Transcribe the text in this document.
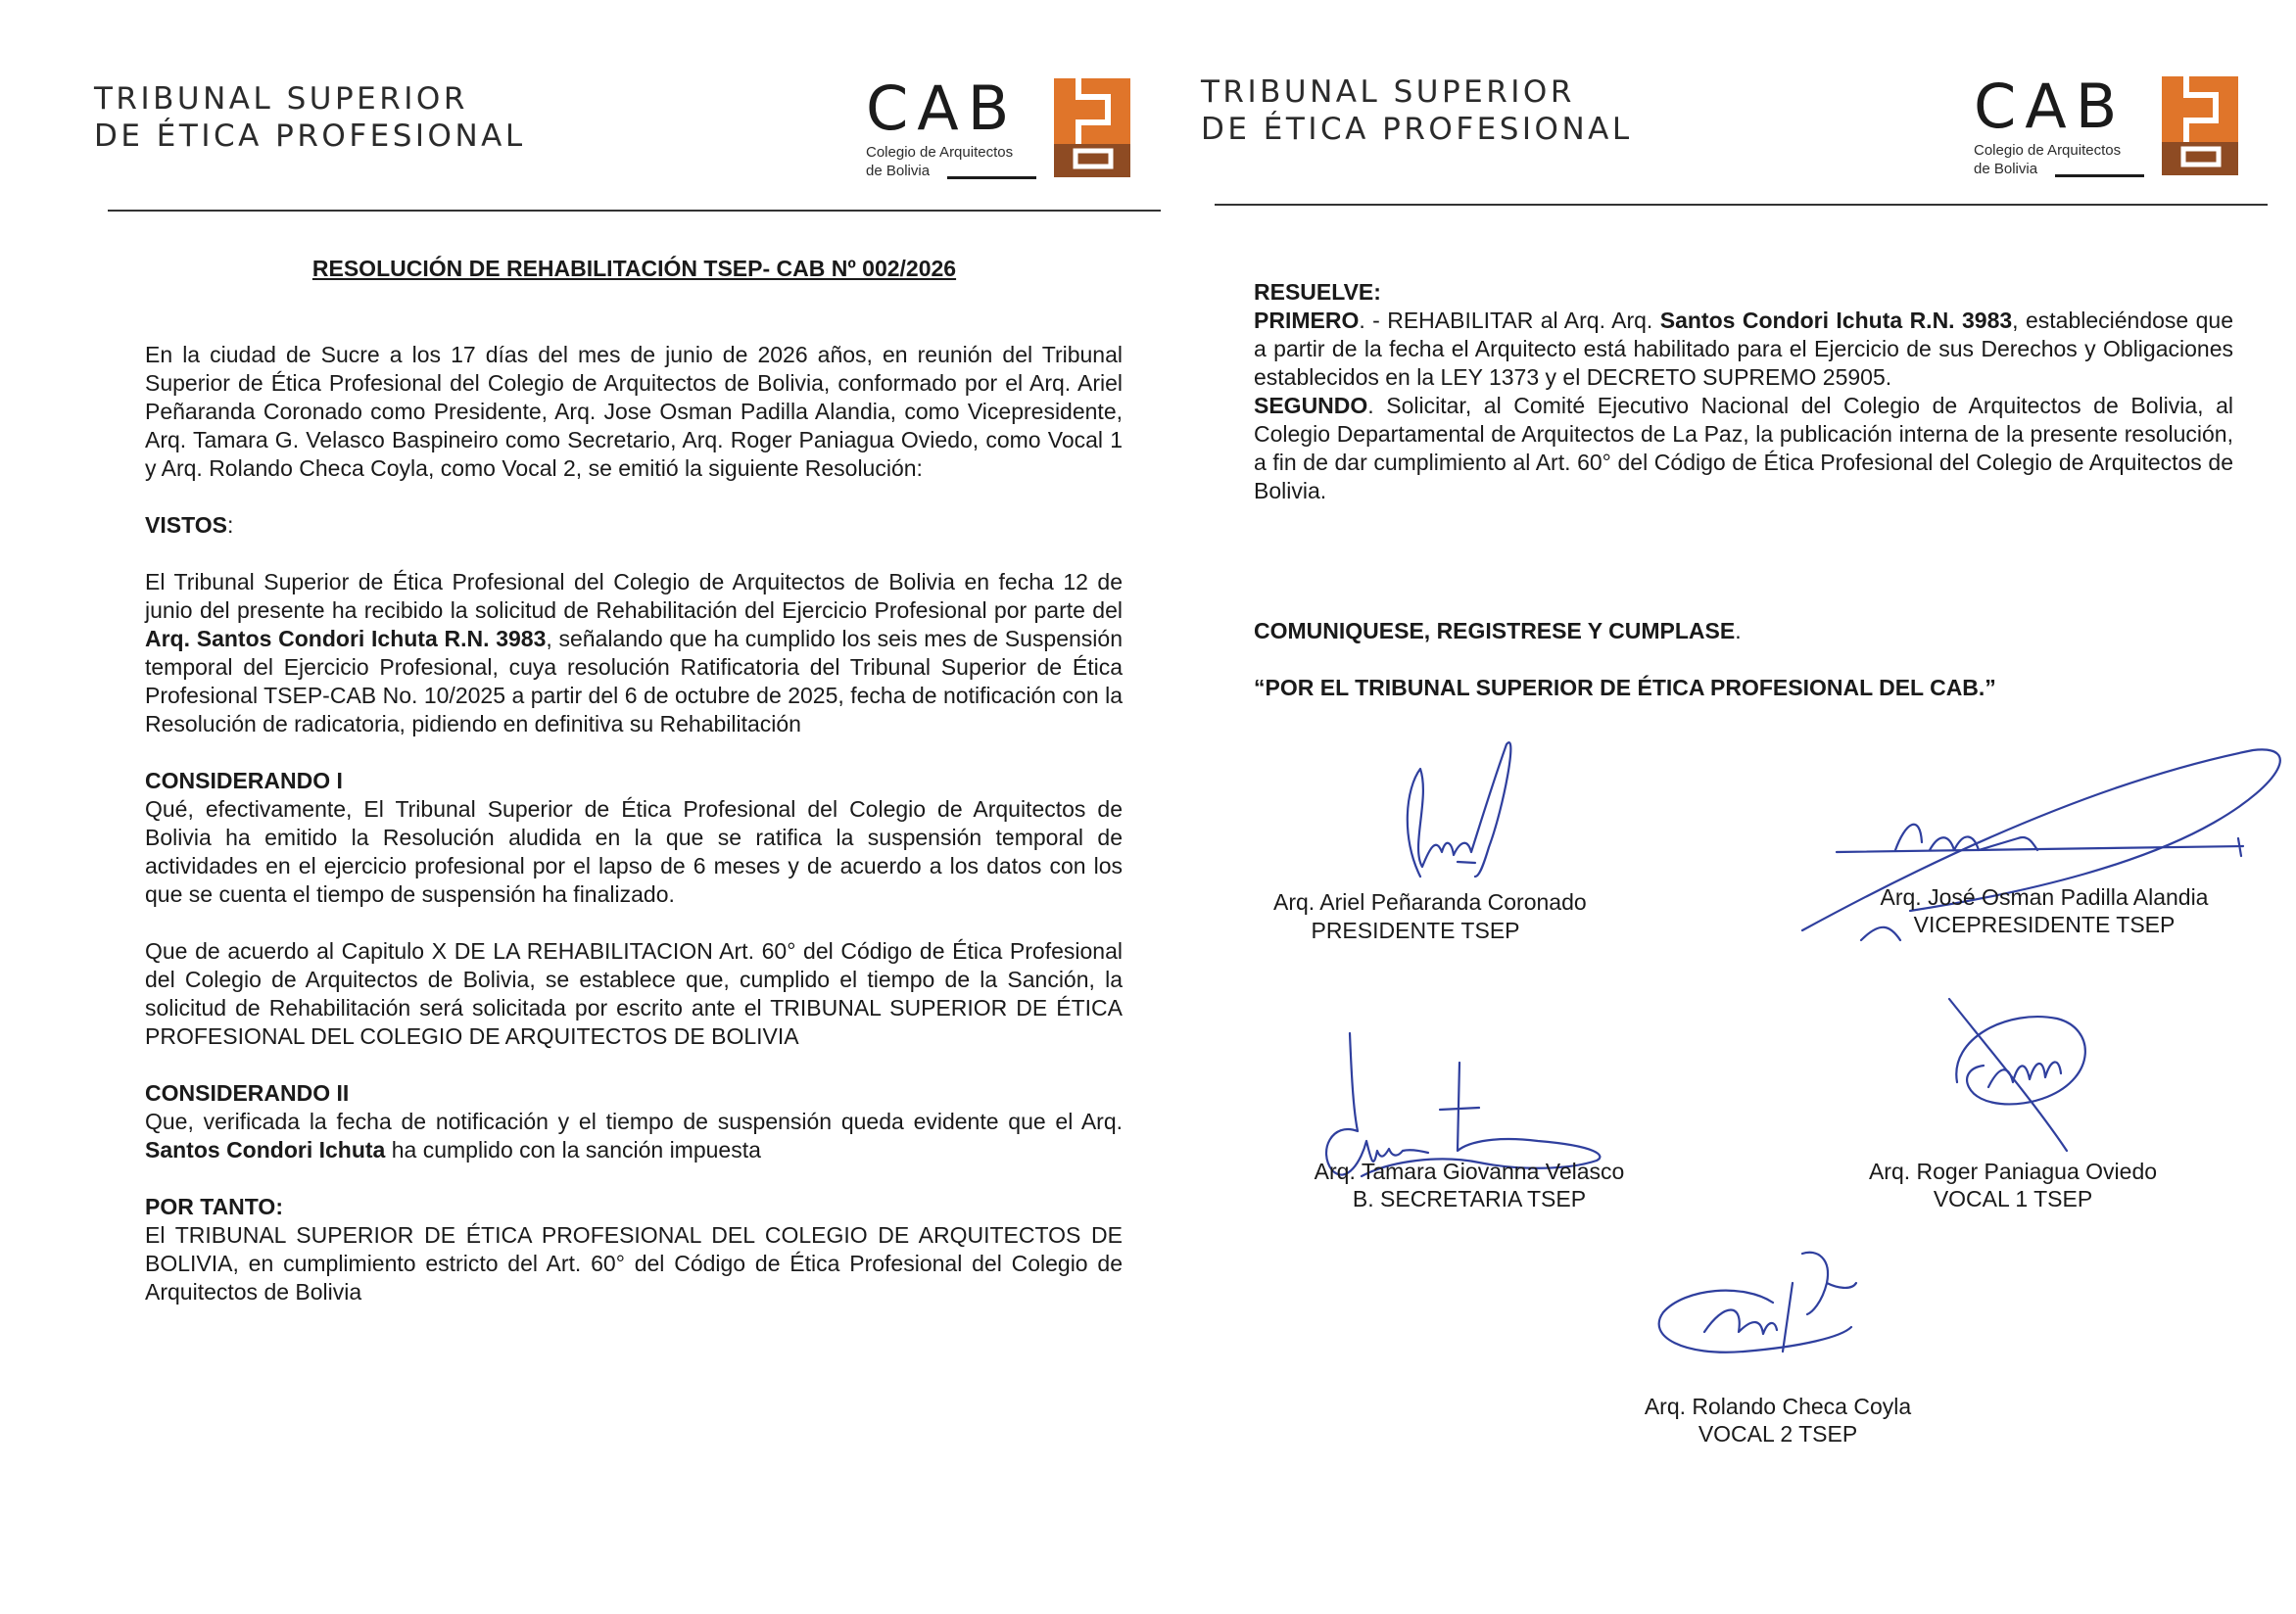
TRIBUNAL SUPERIOR
DE ÉTICA PROFESIONAL	CAB
Colegio de Arquitectos
de Bolivia
RESOLUCIÓN DE REHABILITACIÓN TSEP- CAB Nº 002/2026

En la ciudad de Sucre a los 17 días del mes de junio de 2026 años, en reunión del Tribunal Superior de Ética Profesional del Colegio de Arquitectos de Bolivia, conformado por el Arq. Ariel Peñaranda Coronado como Presidente, Arq. Jose Osman Padilla Alandia, como Vicepresidente, Arq. Tamara G. Velasco Baspineiro como Secretario, Arq. Roger Paniagua Oviedo, como Vocal 1 y Arq. Rolando Checa Coyla, como Vocal 2, se emitió la siguiente Resolución:

VISTOS:

El Tribunal Superior de Ética Profesional del Colegio de Arquitectos de Bolivia en fecha 12 de junio del presente ha recibido la solicitud de Rehabilitación del Ejercicio Profesional por parte del Arq. Santos Condori Ichuta R.N. 3983, señalando que ha cumplido los seis mes de Suspensión temporal del Ejercicio Profesional, cuya resolución Ratificatoria del Tribunal Superior de Ética Profesional TSEP-CAB No. 10/2025 a partir del 6 de octubre de 2025, fecha de notificación con la Resolución de radicatoria, pidiendo en definitiva su Rehabilitación

CONSIDERANDO I

Qué, efectivamente, El Tribunal Superior de Ética Profesional del Colegio de Arquitectos de Bolivia ha emitido la Resolución aludida en la que se ratifica la suspensión temporal de actividades en el ejercicio profesional por el lapso de 6 meses y de acuerdo a los datos con los que se cuenta el tiempo de suspensión ha finalizado.

Que de acuerdo al Capitulo X DE LA REHABILITACION Art. 60° del Código de Ética Profesional del Colegio de Arquitectos de Bolivia, se establece que, cumplido el tiempo de la Sanción, la solicitud de Rehabilitación será solicitada por escrito ante el TRIBUNAL SUPERIOR DE ÉTICA PROFESIONAL DEL COLEGIO DE ARQUITECTOS DE BOLIVIA

CONSIDERANDO II

Que, verificada la fecha de notificación y el tiempo de suspensión queda evidente que el Arq. Santos Condori Ichuta ha cumplido con la sanción impuesta

POR TANTO:

El TRIBUNAL SUPERIOR DE ÉTICA PROFESIONAL DEL COLEGIO DE ARQUITECTOS DE BOLIVIA, en cumplimiento estricto del Art. 60° del Código de Ética Profesional del Colegio de Arquitectos de Bolivia

TRIBUNAL SUPERIOR
DE ÉTICA PROFESIONAL	CAB
Colegio de Arquitectos
de Bolivia

RESUELVE:

PRIMERO. - REHABILITAR al Arq. Arq. Santos Condori Ichuta R.N. 3983, estableciéndose que a partir de la fecha el Arquitecto está habilitado para el Ejercicio de sus Derechos y Obligaciones establecidos en la LEY 1373 y el DECRETO SUPREMO 25905.

SEGUNDO. Solicitar, al Comité Ejecutivo Nacional del Colegio de Arquitectos de Bolivia, al Colegio Departamental de Arquitectos de La Paz, la publicación interna de la presente resolución, a fin de dar cumplimiento al Art. 60° del Código de Ética Profesional del Colegio de Arquitectos de Bolivia.

COMUNIQUESE, REGISTRESE Y CUMPLASE.

“POR EL TRIBUNAL SUPERIOR DE ÉTICA PROFESIONAL DEL CAB.”

Arq. Ariel Peñaranda Coronado
PRESIDENTE TSEP
Arq. José Osman Padilla Alandia
VICEPRESIDENTE TSEP
Arq. Tamara Giovanna Velasco
B. SECRETARIA TSEP
Arq. Roger Paniagua Oviedo
VOCAL 1 TSEP
Arq. Rolando Checa Coyla
VOCAL 2 TSEP
